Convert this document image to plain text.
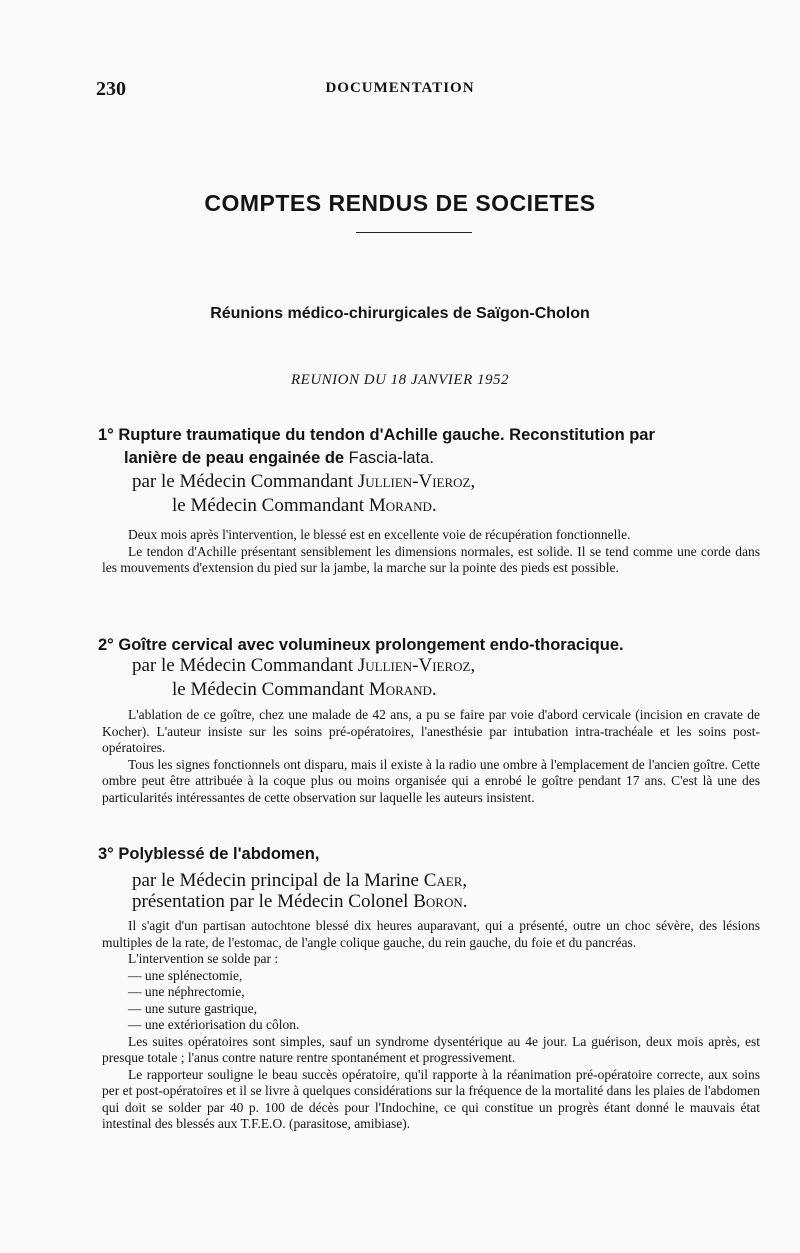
230	DOCUMENTATION
COMPTES RENDUS DE SOCIETES
Réunions médico-chirurgicales de Saïgon-Cholon
REUNION DU 18 JANVIER 1952
1° Rupture traumatique du tendon d'Achille gauche. Reconstitution par
lanière de peau engainée de Fascia-lata.
par le Médecin Commandant Jullien-Vieroz,
le Médecin Commandant Morand.

Deux mois après l'intervention, le blessé est en excellente voie de récupération fonctionnelle.

Le tendon d'Achille présentant sensiblement les dimensions normales, est solide. Il se tend comme une corde dans les mouvements d'extension du pied sur la jambe, la marche sur la pointe des pieds est possible.

2° Goître cervical avec volumineux prolongement endo-thoracique.
par le Médecin Commandant Jullien-Vieroz,
le Médecin Commandant Morand.

L'ablation de ce goître, chez une malade de 42 ans, a pu se faire par voie d'abord cervicale (incision en cravate de Kocher). L'auteur insiste sur les soins pré-opératoires, l'anesthésie par intubation intra-trachéale et les soins post-opératoires.

Tous les signes fonctionnels ont disparu, mais il existe à la radio une ombre à l'emplacement de l'ancien goître. Cette ombre peut être attribuée à la coque plus ou moins organisée qui a enrobé le goître pendant 17 ans. C'est là une des particularités intéressantes de cette observation sur laquelle les auteurs insistent.

3° Polyblessé de l'abdomen,
par le Médecin principal de la Marine Caer,
présentation par le Médecin Colonel Boron.

Il s'agit d'un partisan autochtone blessé dix heures auparavant, qui a présenté, outre un choc sévère, des lésions multiples de la rate, de l'estomac, de l'angle colique gauche, du rein gauche, du foie et du pancréas.

L'intervention se solde par :

— une splénectomie,

— une néphrectomie,

— une suture gastrique,

— une extériorisation du côlon.

Les suites opératoires sont simples, sauf un syndrome dysentérique au 4e jour. La guérison, deux mois après, est presque totale ; l'anus contre nature rentre spontanément et progressivement.

Le rapporteur souligne le beau succès opératoire, qu'il rapporte à la réanimation pré-opératoire correcte, aux soins per et post-opératoires et il se livre à quelques considérations sur la fréquence de la mortalité dans les plaies de l'abdomen qui doit se solder par 40 p. 100 de décès pour l'Indochine, ce qui constitue un progrès étant donné le mauvais état intestinal des blessés aux T.F.E.O. (parasitose, amibiase).
